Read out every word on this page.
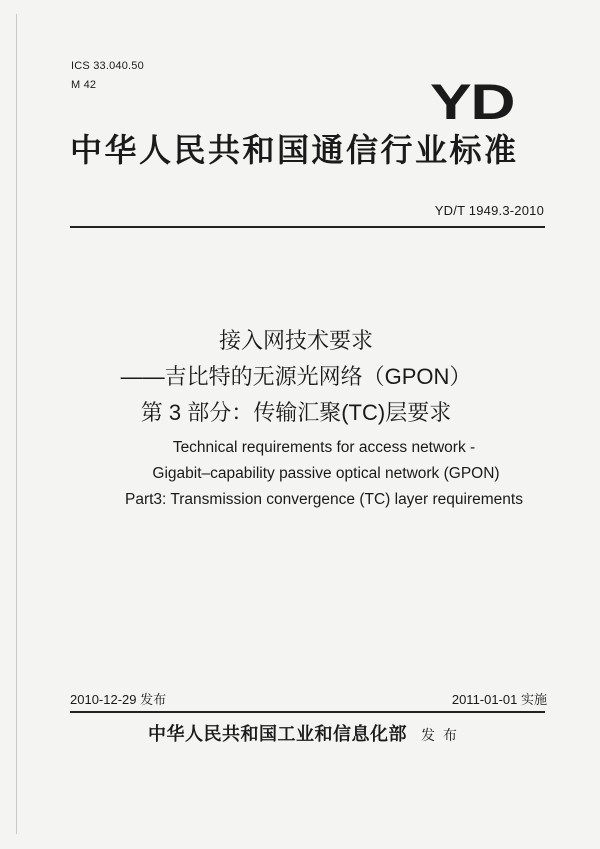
ICS 33.040.50
M 42	YD
中华人民共和国通信行业标准
YD/T 1949.3-2010
接入网技术要求
——吉比特的无源光网络（GPON）
第 3 部分：传输汇聚(TC)层要求
Technical requirements for access network -
Gigabit–capability passive optical network (GPON)
Part3: Transmission convergence (TC) layer requirements
2010-12-29 发布	2011-01-01 实施
中华人民共和国工业和信息化部 发 布
